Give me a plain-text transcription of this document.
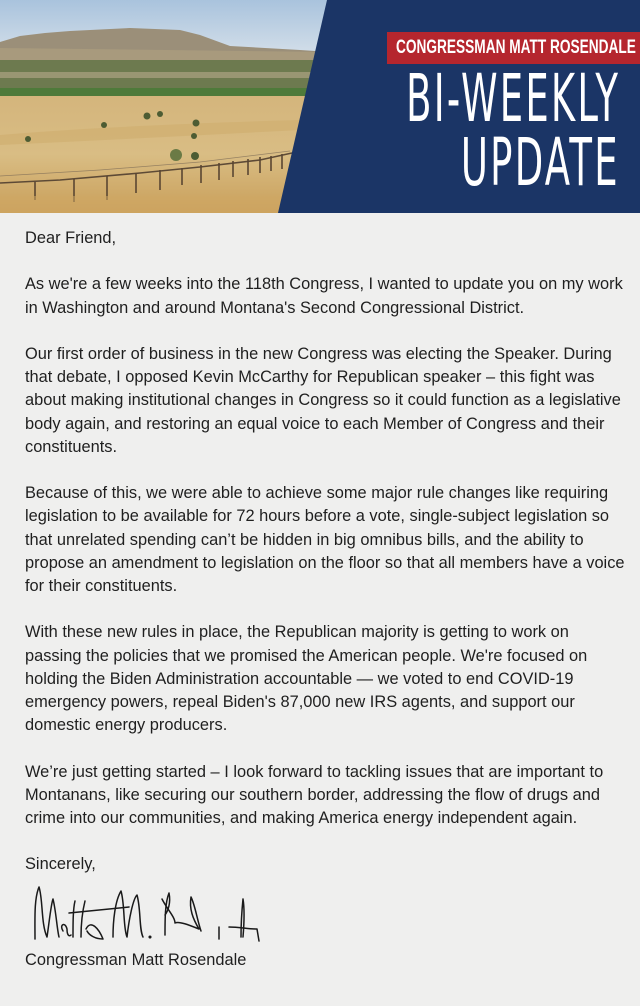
CONGRESSMAN MATT ROSENDALE
BI-WEEKLY
UPDATE

Dear Friend,

As we're a few weeks into the 118th Congress, I wanted to update you on my work in Washington and around Montana's Second Congressional District.

Our first order of business in the new Congress was electing the Speaker. During that debate, I opposed Kevin McCarthy for Republican speaker – this fight was about making institutional changes in Congress so it could function as a legislative body again, and restoring an equal voice to each Member of Congress and their constituents.

Because of this, we were able to achieve some major rule changes like requiring legislation to be available for 72 hours before a vote, single-subject legislation so that unrelated spending can’t be hidden in big omnibus bills, and the ability to propose an amendment to legislation on the floor so that all members have a voice for their constituents.

With these new rules in place, the Republican majority is getting to work on passing the policies that we promised the American people. We're focused on holding the Biden Administration accountable — we voted to end COVID-19 emergency powers, repeal Biden's 87,000 new IRS agents, and support our domestic energy producers.

We’re just getting started – I look forward to tackling issues that are important to Montanans, like securing our southern border, addressing the flow of drugs and crime into our communities, and making America energy independent again.

Sincerely,

Congressman Matt Rosendale
